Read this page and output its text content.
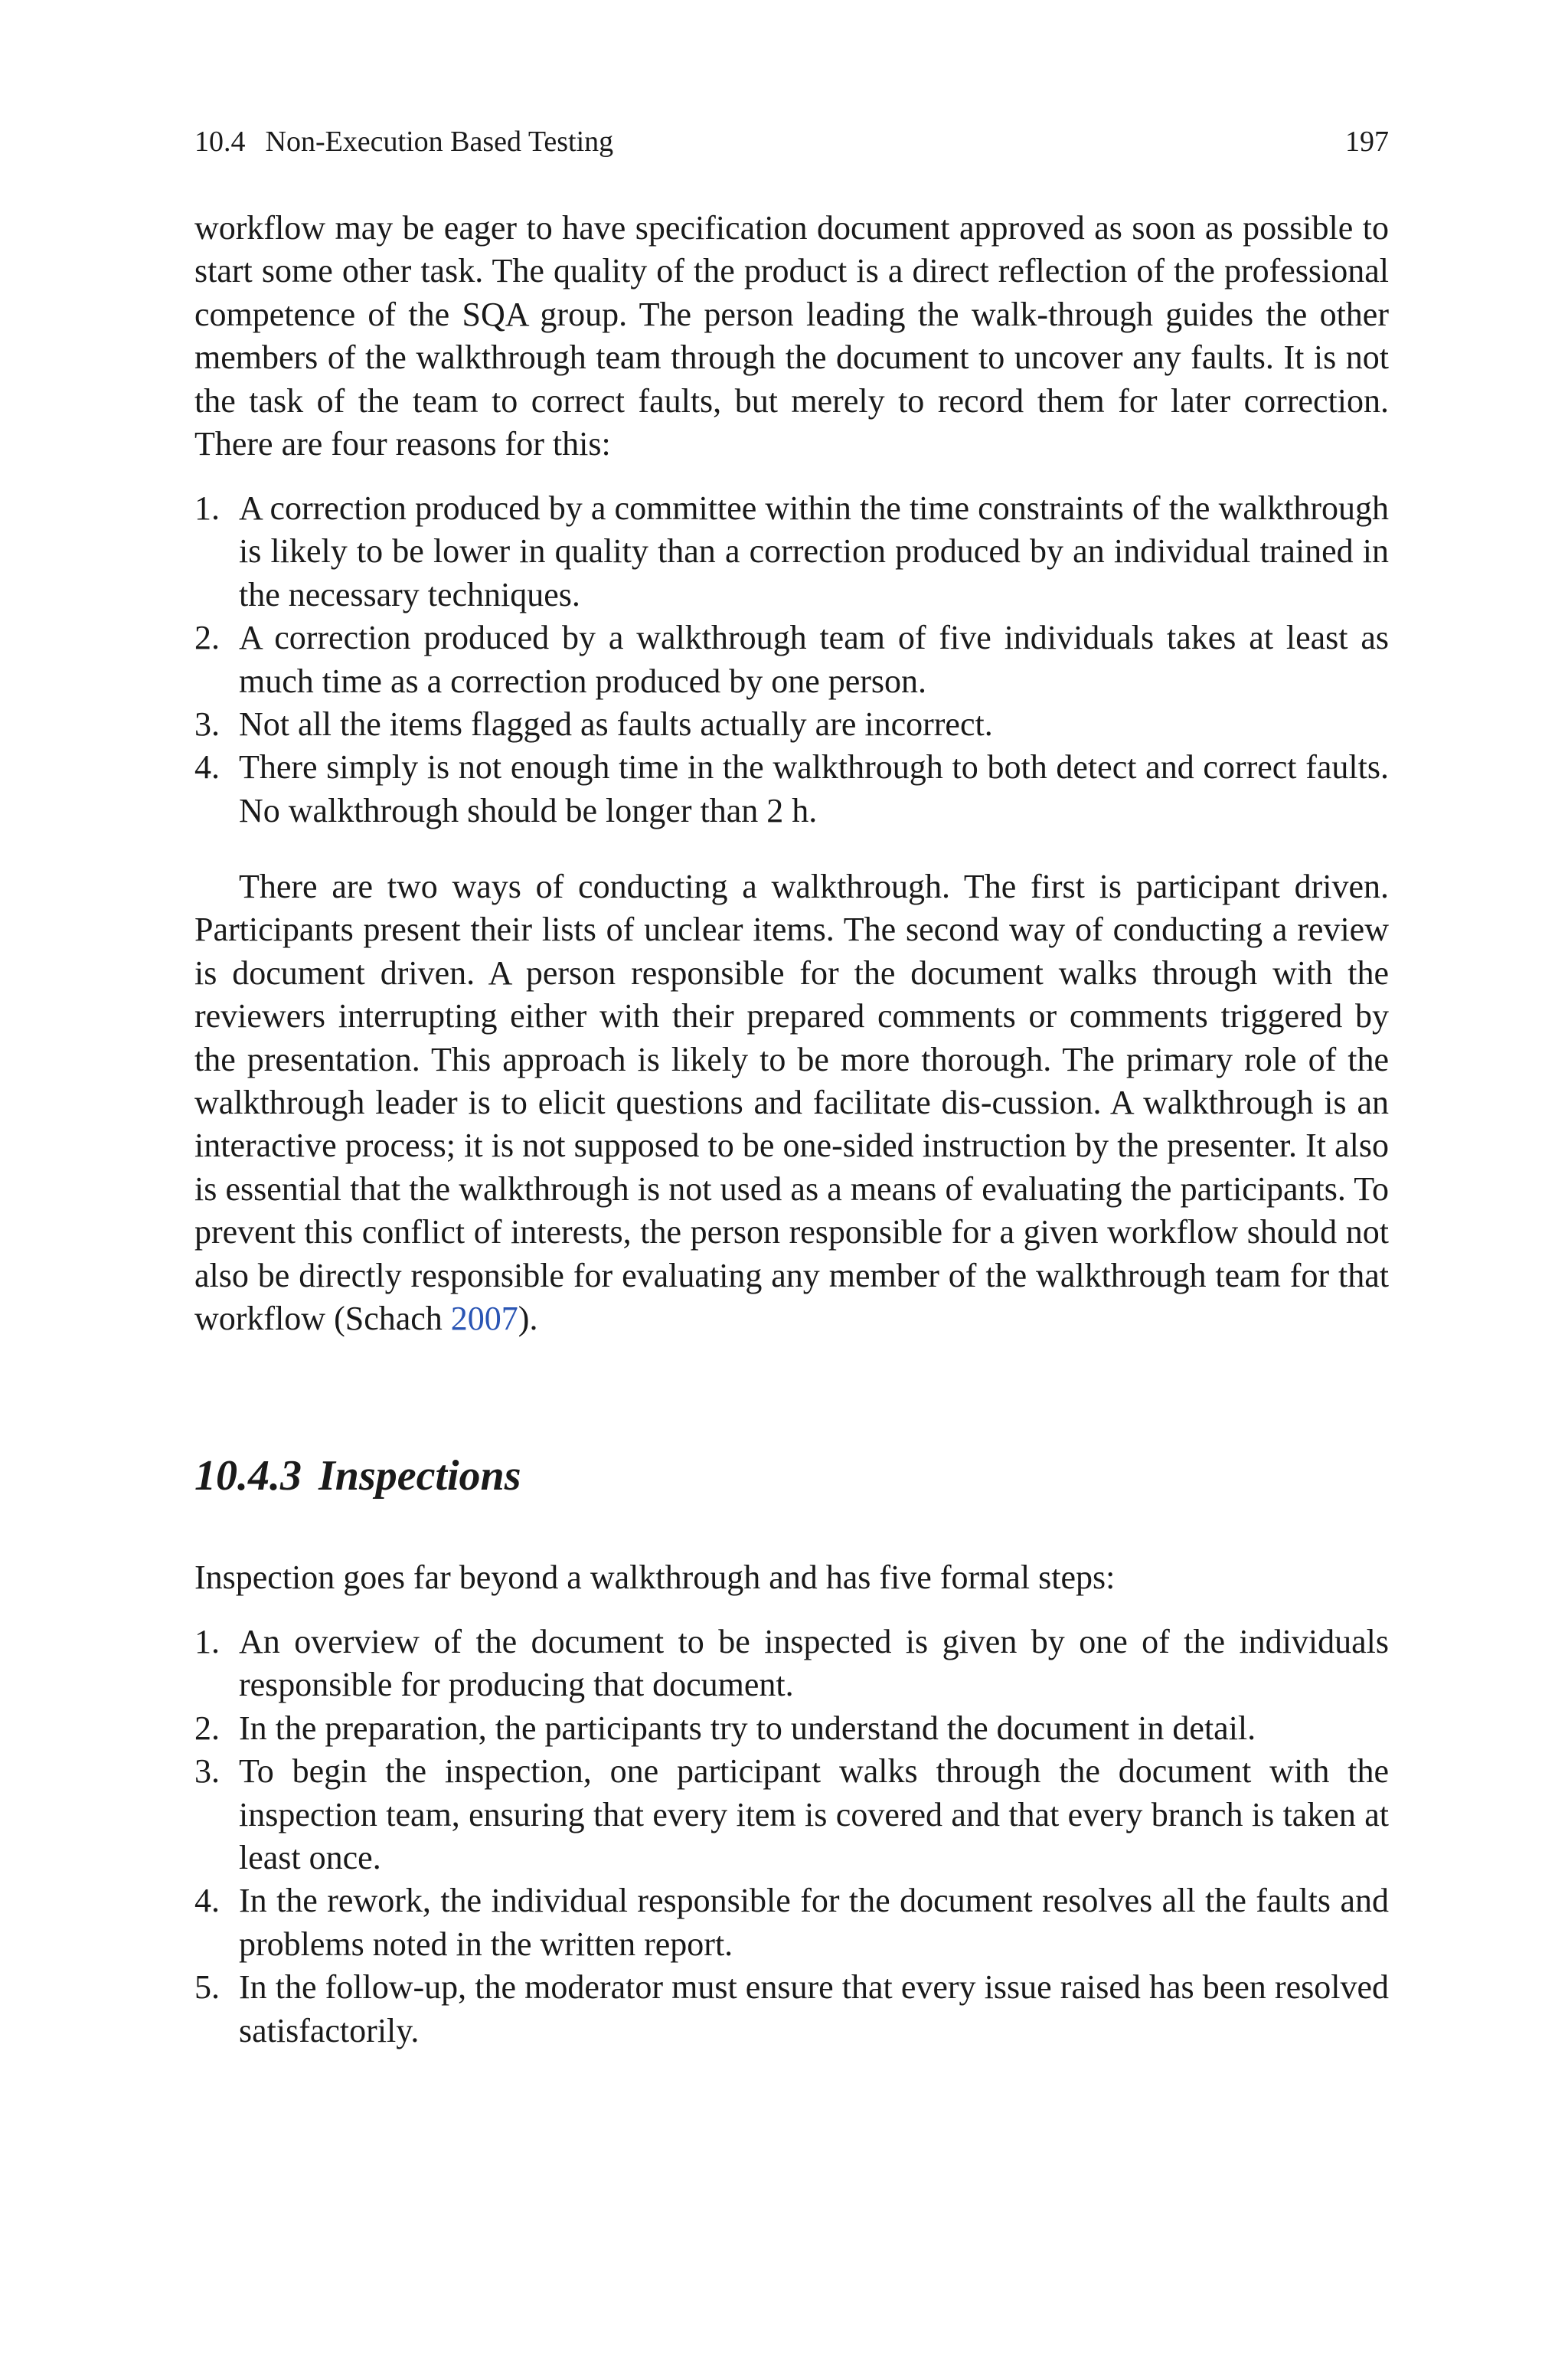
10.4 Non-Execution Based Testing	197

workflow may be eager to have specification document approved as soon as possible to start some other task. The quality of the product is a direct reflection of the professional competence of the SQA group. The person leading the walk-through guides the other members of the walkthrough team through the document to uncover any faults. It is not the task of the team to correct faults, but merely to record them for later correction. There are four reasons for this:

1. A correction produced by a committee within the time constraints of the walkthrough is likely to be lower in quality than a correction produced by an individual trained in the necessary techniques.
2. A correction produced by a walkthrough team of five individuals takes at least as much time as a correction produced by one person.
3. Not all the items flagged as faults actually are incorrect.
4. There simply is not enough time in the walkthrough to both detect and correct faults. No walkthrough should be longer than 2 h.

There are two ways of conducting a walkthrough. The first is participant driven. Participants present their lists of unclear items. The second way of conducting a review is document driven. A person responsible for the document walks through with the reviewers interrupting either with their prepared comments or comments triggered by the presentation. This approach is likely to be more thorough. The primary role of the walkthrough leader is to elicit questions and facilitate dis-cussion. A walkthrough is an interactive process; it is not supposed to be one-sided instruction by the presenter. It also is essential that the walkthrough is not used as a means of evaluating the participants. To prevent this conflict of interests, the person responsible for a given workflow should not also be directly responsible for evaluating any member of the walkthrough team for that workflow (Schach 2007).

10.4.3 Inspections

Inspection goes far beyond a walkthrough and has five formal steps:

1. An overview of the document to be inspected is given by one of the individuals responsible for producing that document.
2. In the preparation, the participants try to understand the document in detail.
3. To begin the inspection, one participant walks through the document with the inspection team, ensuring that every item is covered and that every branch is taken at least once.
4. In the rework, the individual responsible for the document resolves all the faults and problems noted in the written report.
5. In the follow-up, the moderator must ensure that every issue raised has been resolved satisfactorily.
